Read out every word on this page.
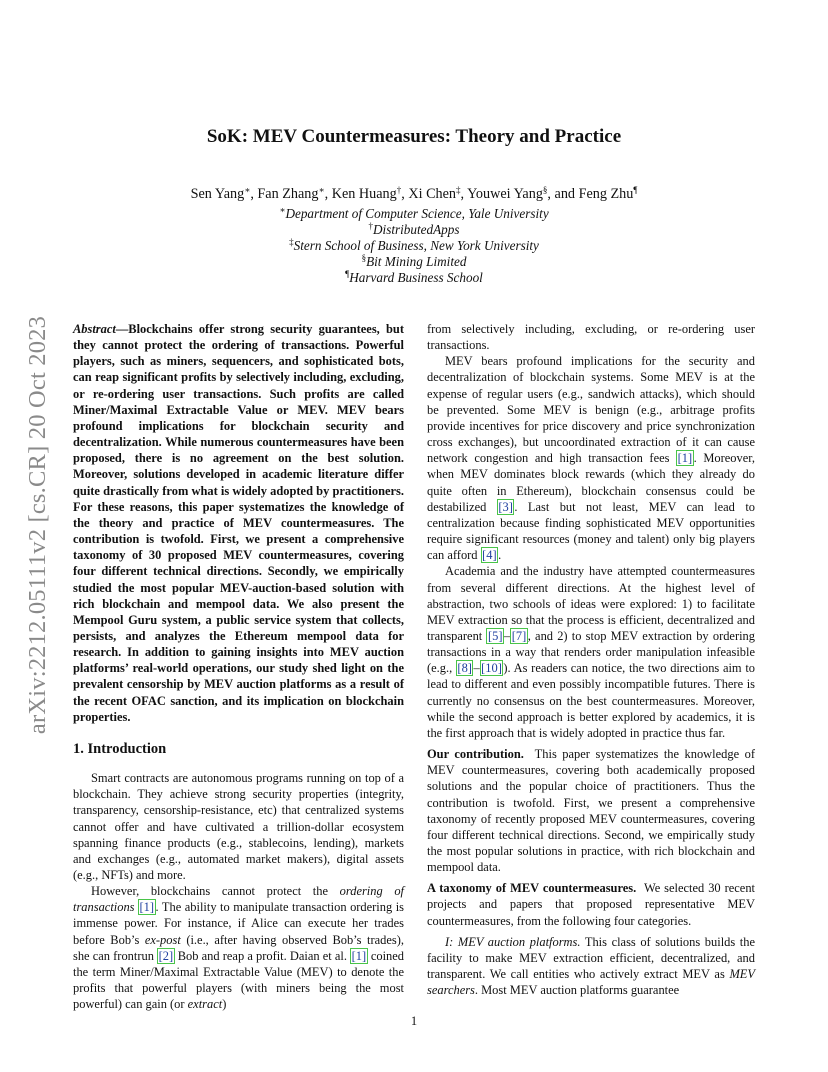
arXiv:2212.05111v2 [cs.CR] 20 Oct 2023
SoK: MEV Countermeasures: Theory and Practice
Sen Yang∗, Fan Zhang∗, Ken Huang†, Xi Chen‡, Youwei Yang§, and Feng Zhu¶
∗Department of Computer Science, Yale University
†DistributedApps
‡Stern School of Business, New York University
§Bit Mining Limited
¶Harvard Business School

Abstract—Blockchains offer strong security guarantees, but they cannot protect the ordering of transactions. Powerful players, such as miners, sequencers, and sophisticated bots, can reap significant profits by selectively including, excluding, or re-ordering user transactions. Such profits are called Miner/Maximal Extractable Value or MEV. MEV bears profound implications for blockchain security and decentralization. While numerous countermeasures have been proposed, there is no agreement on the best solution. Moreover, solutions developed in academic literature differ quite drastically from what is widely adopted by practitioners. For these reasons, this paper systematizes the knowledge of the theory and practice of MEV countermeasures. The contribution is twofold. First, we present a comprehensive taxonomy of 30 proposed MEV countermeasures, covering four different technical directions. Secondly, we empirically studied the most popular MEV-auction-based solution with rich blockchain and mempool data. We also present the Mempool Guru system, a public service system that collects, persists, and analyzes the Ethereum mempool data for research. In addition to gaining insights into MEV auction platforms’ real-world operations, our study shed light on the prevalent censorship by MEV auction platforms as a result of the recent OFAC sanction, and its implication on blockchain properties.

1. Introduction

Smart contracts are autonomous programs running on top of a blockchain. They achieve strong security properties (integrity, transparency, censorship-resistance, etc) that centralized systems cannot offer and have cultivated a trillion-dollar ecosystem spanning finance products (e.g., stablecoins, lending), markets and exchanges (e.g., automated market makers), digital assets (e.g., NFTs) and more.

However, blockchains cannot protect the ordering of transactions [1] . The ability to manipulate transaction ordering is immense power. For instance, if Alice can execute her trades before Bob’s ex-post (i.e., after having observed Bob’s trades), she can frontrun [2] Bob and reap a profit. Daian et al. [1] coined the term Miner/Maximal Extractable Value (MEV) to denote the profits that powerful players (with miners being the most powerful) can gain (or extract)

from selectively including, excluding, or re-ordering user transactions.

MEV bears profound implications for the security and decentralization of blockchain systems. Some MEV is at the expense of regular users (e.g., sandwich attacks), which should be prevented. Some MEV is benign (e.g., arbitrage profits provide incentives for price discovery and price synchronization cross exchanges), but uncoordinated extraction of it can cause network congestion and high transaction fees [1] . Moreover, when MEV dominates block rewards (which they already do quite often in Ethereum), blockchain consensus could be destabilized [3] . Last but not least, MEV can lead to centralization because finding sophisticated MEV opportunities require significant resources (money and talent) only big players can afford [4] .

Academia and the industry have attempted countermeasures from several different directions. At the highest level of abstraction, two schools of ideas were explored: 1) to facilitate MEV extraction so that the process is efficient, decentralized and transparent [5] – [7] , and 2) to stop MEV extraction by ordering transactions in a way that renders order manipulation infeasible (e.g., [8] – [10] ). As readers can notice, the two directions aim to lead to different and even possibly incompatible futures. There is currently no consensus on the best countermeasures. Moreover, while the second approach is better explored by academics, it is the first approach that is widely adopted in practice thus far.

Our contribution. This paper systematizes the knowledge of MEV countermeasures, covering both academically proposed solutions and the popular choice of practitioners. Thus the contribution is twofold. First, we present a comprehensive taxonomy of recently proposed MEV countermeasures, covering four different technical directions. Second, we empirically study the most popular solutions in practice, with rich blockchain and mempool data.

A taxonomy of MEV countermeasures. We selected 30 recent projects and papers that proposed representative MEV countermeasures, from the following four categories.

I: MEV auction platforms. This class of solutions builds the facility to make MEV extraction efficient, decentralized, and transparent. We call entities who actively extract MEV as MEV searchers. Most MEV auction platforms guarantee

1
